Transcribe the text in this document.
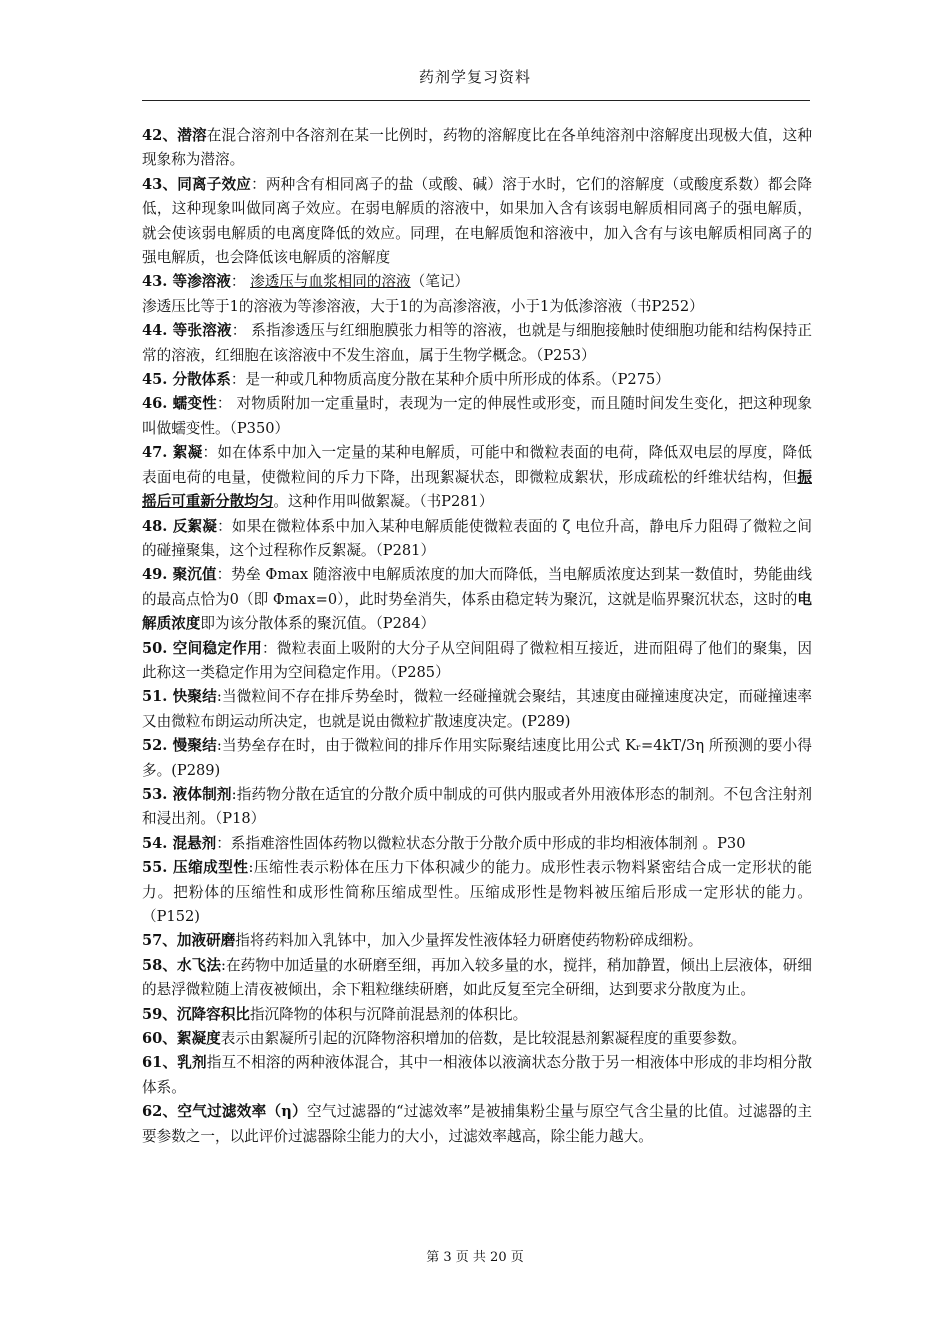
药剂学复习资料

42、潜溶在混合溶剂中各溶剂在某一比例时，药物的溶解度比在各单纯溶剂中溶解度出现极大值，这种现象称为潜溶。

43、同离子效应：两种含有相同离子的盐（或酸、碱）溶于水时，它们的溶解度（或酸度系数）都会降低，这种现象叫做同离子效应。在弱电解质的溶液中，如果加入含有该弱电解质相同离子的强电解质，就会使该弱电解质的电离度降低的效应。同理，在电解质饱和溶液中，加入含有与该电解质相同离子的强电解质，也会降低该电解质的溶解度

43. 等渗溶液： 渗透压与血浆相同的溶液（笔记）

渗透压比等于1的溶液为等渗溶液，大于1的为高渗溶液，小于1为低渗溶液（书P252）

44. 等张溶液： 系指渗透压与红细胞膜张力相等的溶液，也就是与细胞接触时使细胞功能和结构保持正常的溶液，红细胞在该溶液中不发生溶血，属于生物学概念。（P253）

45. 分散体系：是一种或几种物质高度分散在某种介质中所形成的体系。（P275）

46. 蠕变性： 对物质附加一定重量时，表现为一定的伸展性或形变，而且随时间发生变化，把这种现象叫做蠕变性。（P350）

47. 絮凝：如在体系中加入一定量的某种电解质，可能中和微粒表面的电荷，降低双电层的厚度，降低表面电荷的电量，使微粒间的斥力下降，出现絮凝状态，即微粒成絮状，形成疏松的纤维状结构，但振摇后可重新分散均匀。这种作用叫做絮凝。（书P281）

48. 反絮凝：如果在微粒体系中加入某种电解质能使微粒表面的 ζ 电位升高，静电斥力阻碍了微粒之间的碰撞聚集，这个过程称作反絮凝。（P281）

49. 聚沉值：势垒 Φmax 随溶液中电解质浓度的加大而降低，当电解质浓度达到某一数值时，势能曲线的最高点恰为0（即 Φmax=0），此时势垒消失，体系由稳定转为聚沉，这就是临界聚沉状态，这时的电解质浓度即为该分散体系的聚沉值。（P284）

50. 空间稳定作用：微粒表面上吸附的大分子从空间阻碍了微粒相互接近，进而阻碍了他们的聚集，因此称这一类稳定作用为空间稳定作用。（P285）

51. 快聚结:当微粒间不存在排斥势垒时，微粒一经碰撞就会聚结，其速度由碰撞速度决定，而碰撞速率又由微粒布朗运动所决定，也就是说由微粒扩散速度决定。(P289)

52. 慢聚结:当势垒存在时，由于微粒间的排斥作用实际聚结速度比用公式 Kᵣ=4kT/3η 所预测的要小得多。(P289)

53. 液体制剂:指药物分散在适宜的分散介质中制成的可供内服或者外用液体形态的制剂。不包含注射剂和浸出剂。（P18）

54. 混悬剂：系指难溶性固体药物以微粒状态分散于分散介质中形成的非均相液体制剂 。P30

55. 压缩成型性:压缩性表示粉体在压力下体积减少的能力。成形性表示物料紧密结合成一定形状的能力。把粉体的压缩性和成形性简称压缩成型性。压缩成形性是物料被压缩后形成一定形状的能力。（P152)

57、加液研磨指将药料加入乳钵中，加入少量挥发性液体轻力研磨使药物粉碎成细粉。

58、水飞法:在药物中加适量的水研磨至细，再加入较多量的水，搅拌，稍加静置，倾出上层液体，研细的悬浮微粒随上清夜被倾出，余下粗粒继续研磨，如此反复至完全研细，达到要求分散度为止。

59、沉降容积比指沉降物的体积与沉降前混悬剂的体积比。

60、絮凝度表示由絮凝所引起的沉降物溶积增加的倍数，是比较混悬剂絮凝程度的重要参数。

61、乳剂指互不相溶的两种液体混合，其中一相液体以液滴状态分散于另一相液体中形成的非均相分散体系。

62、空气过滤效率（η）空气过滤器的“过滤效率”是被捕集粉尘量与原空气含尘量的比值。过滤器的主要参数之一，以此评价过滤器除尘能力的大小，过滤效率越高，除尘能力越大。

第 3 页 共 20 页
